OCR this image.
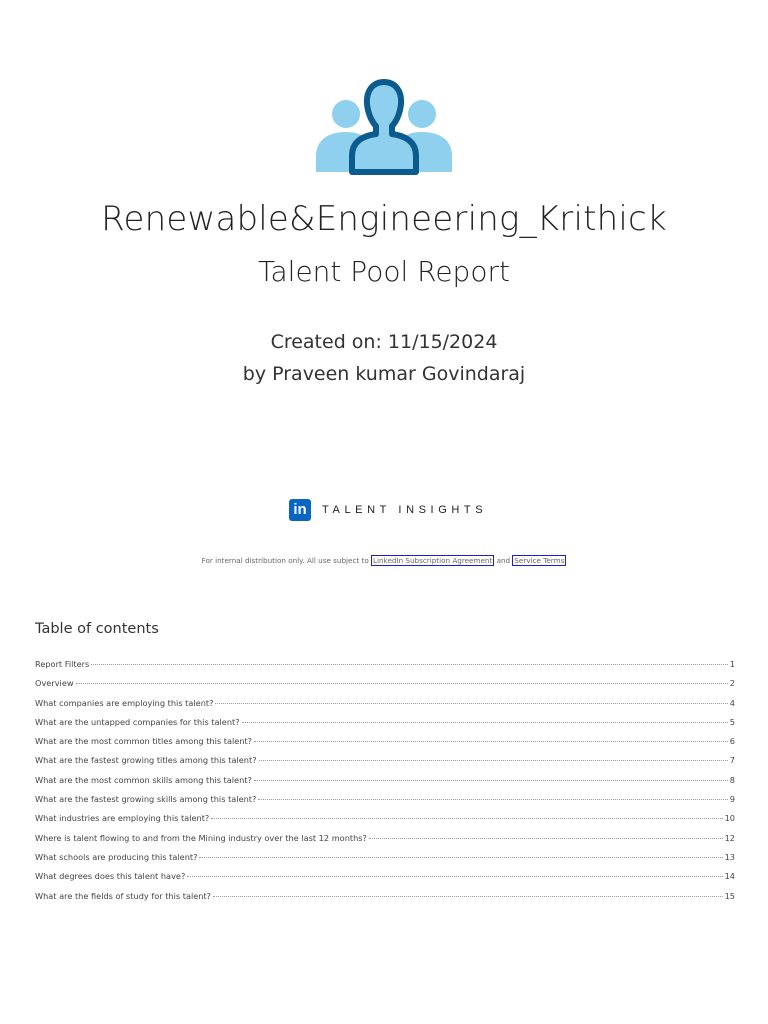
Renewable&Engineering_Krithick
Talent Pool Report
Created on: 11/15/2024
by Praveen kumar Govindaraj
in	TALENT INSIGHTS
For internal distribution only. All use subject to LinkedIn Subscription Agreement and Service Terms
Table of contents
Report Filters	1
Overview	2
What companies are employing this talent?	4
What are the untapped companies for this talent?	5
What are the most common titles among this talent?	6
What are the fastest growing titles among this talent?	7
What are the most common skills among this talent?	8
What are the fastest growing skills among this talent?	9
What industries are employing this talent?	10
Where is talent flowing to and from the Mining industry over the last 12 months?	12
What schools are producing this talent?	13
What degrees does this talent have?	14
What are the fields of study for this talent?	15
